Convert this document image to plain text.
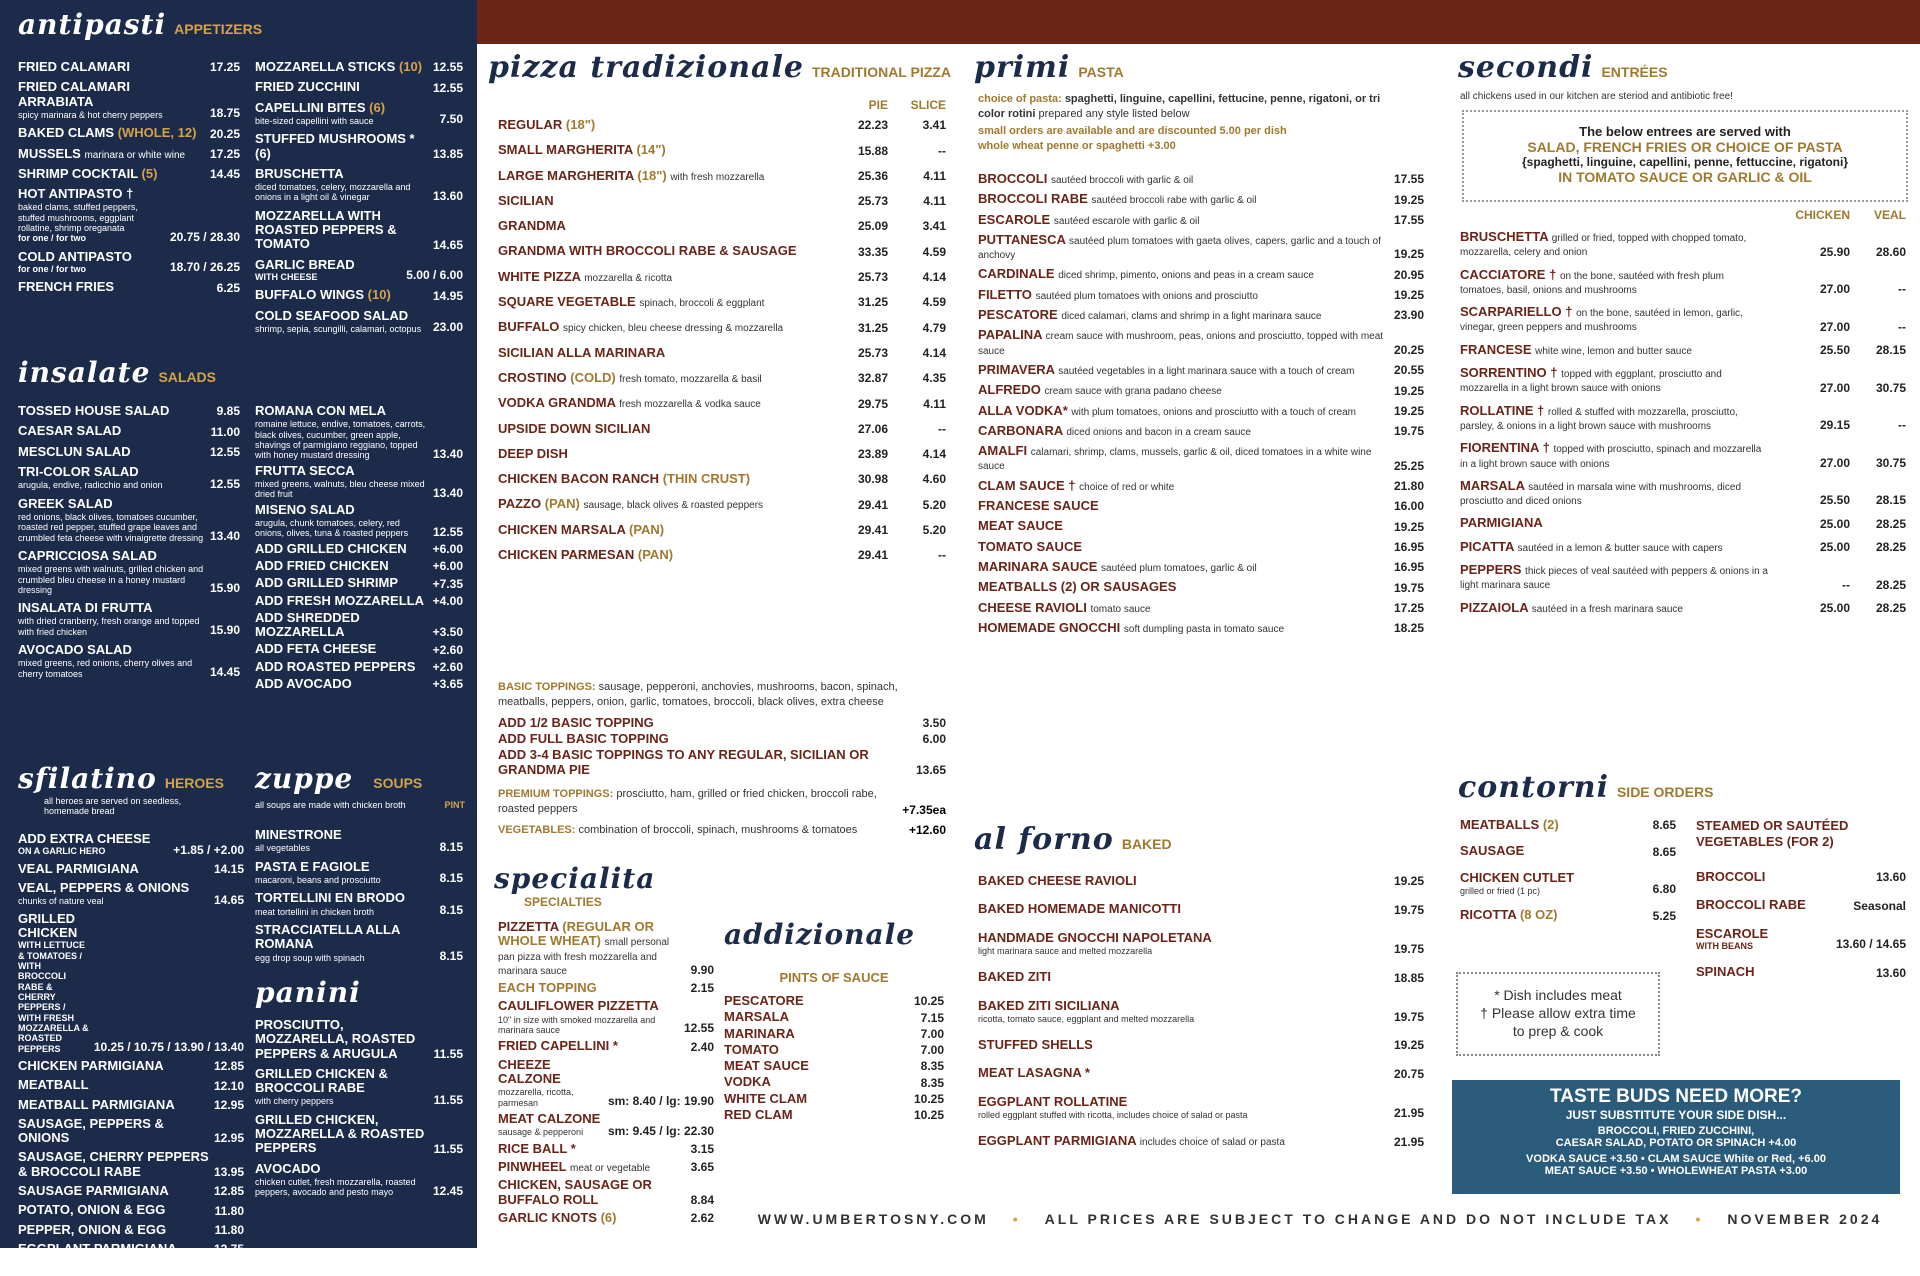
antipasti APPETIZERS
FRIED CALAMARI	17.25
FRIED CALAMARI ARRABIATA
spicy marinara & hot cherry peppers	18.75
BAKED CLAMS (WHOLE, 12)	20.25
MUSSELS marinara or white wine	17.25
SHRIMP COCKTAIL (5)	14.45
HOT ANTIPASTO †
baked clams, stuffed peppers, stuffed mushrooms, eggplant rollatine, shrimp oreganata
for one / for two	20.75 / 28.30
COLD ANTIPASTO
for one / for two	18.70 / 26.25
FRENCH FRIES	6.25
MOZZARELLA STICKS (10) 12.55
FRIED ZUCCHINI	12.55
CAPELLINI BITES (6)
bite-sized capellini with sauce	7.50
STUFFED MUSHROOMS * (6)	13.85
BRUSCHETTA
diced tomatoes, celery, mozzarella and onions in a light oil & vinegar	13.60
MOZZARELLA WITH ROASTED PEPPERS & TOMATO	14.65
GARLIC BREAD
WITH CHEESE	5.00 / 6.00
BUFFALO WINGS (10)	14.95
COLD SEAFOOD SALAD
shrimp, sepia, scungilli, calamari, octopus 23.00
insalate SALADS
TOSSED HOUSE SALAD	9.85
CAESAR SALAD	11.00
MESCLUN SALAD	12.55
TRI-COLOR SALAD
arugula, endive, radicchio and onion	12.55
GREEK SALAD
red onions, black olives, tomatoes cucumber, roasted red pepper, stuffed grape leaves and crumbled feta cheese with vinaigrette dressing 13.40
CAPRICCIOSA SALAD
mixed greens with walnuts, grilled chicken and crumbled bleu cheese in a honey mustard dressing	15.90
INSALATA DI FRUTTA
with dried cranberry, fresh orange and topped with fried chicken	15.90
AVOCADO SALAD
mixed greens, red onions, cherry olives and cherry tomatoes	14.45
ROMANA CON MELA
romaine lettuce, endive, tomatoes, carrots, black olives, cucumber, green apple, shavings of parmigiano reggiano, topped with honey mustard dressing	13.40
FRUTTA SECCA
mixed greens, walnuts, bleu cheese mixed dried fruit	13.40
MISENO SALAD
arugula, chunk tomatoes, celery, red onions, olives, tuna & roasted peppers	12.55
ADD GRILLED CHICKEN	+6.00
ADD FRIED CHICKEN	+6.00
ADD GRILLED SHRIMP	+7.35
ADD FRESH MOZZARELLA +4.00
ADD SHREDDED MOZZARELLA	+3.50
ADD FETA CHEESE	+2.60
ADD ROASTED PEPPERS	+2.60
ADD AVOCADO	+3.65
sfilatino HEROES
all heroes are served on seedless, homemade bread
ADD EXTRA CHEESE
ON A GARLIC HERO	+1.85 / +2.00
VEAL PARMIGIANA	14.15
VEAL, PEPPERS & ONIONS
chunks of nature veal	14.65
GRILLED CHICKEN
WITH LETTUCE & TOMATOES / WITH BROCCOLI RABE & CHERRY PEPPERS / WITH FRESH MOZZARELLA & ROASTED PEPPERS	10.25 / 10.75 / 13.90 / 13.40
CHICKEN PARMIGIANA	12.85
MEATBALL	12.10
MEATBALL PARMIGIANA	12.95
SAUSAGE, PEPPERS & ONIONS	12.95
SAUSAGE, CHERRY PEPPERS & BROCCOLI RABE	13.95
SAUSAGE PARMIGIANA	12.85
POTATO, ONION & EGG	11.80
PEPPER, ONION & EGG	11.80
EGGPLANT PARMIGIANA	12.75
SHRIMP PARMIGIANA	13.95
zuppe SOUPS
all soups are made with chicken broth	PINT
MINESTRONE
all vegetables	8.15
PASTA E FAGIOLE
macaroni, beans and prosciutto	8.15
TORTELLINI EN BRODO
meat tortellini in chicken broth	8.15
STRACCIATELLA ALLA ROMANA
egg drop soup with spinach	8.15
panini
PROSCIUTTO, MOZZARELLA, ROASTED PEPPERS & ARUGULA	11.55
GRILLED CHICKEN & BROCCOLI RABE
with cherry peppers	11.55
GRILLED CHICKEN, MOZZARELLA & ROASTED PEPPERS	11.55
AVOCADO
chicken cutlet, fresh mozzarella, roasted peppers, avocado and pesto mayo	12.45
pizza tradizionale TRADITIONAL PIZZA
PIE	SLICE
REGULAR (18")	22.23	3.41
SMALL MARGHERITA (14")	15.88	--
LARGE MARGHERITA (18") with fresh mozzarella	25.36	4.11
SICILIAN	25.73	4.11
GRANDMA	25.09	3.41
GRANDMA WITH BROCCOLI RABE & SAUSAGE	33.35	4.59
WHITE PIZZA mozzarella & ricotta	25.73	4.14
SQUARE VEGETABLE spinach, broccoli & eggplant	31.25	4.59
BUFFALO spicy chicken, bleu cheese dressing & mozzarella	31.25	4.79
SICILIAN ALLA MARINARA	25.73	4.14
CROSTINO (COLD) fresh tomato, mozzarella & basil	32.87	4.35
VODKA GRANDMA fresh mozzarella & vodka sauce	29.75	4.11
UPSIDE DOWN SICILIAN	27.06	--
DEEP DISH	23.89	4.14
CHICKEN BACON RANCH (THIN CRUST)	30.98	4.60
PAZZO (PAN) sausage, black olives & roasted peppers	29.41	5.20
CHICKEN MARSALA (PAN)	29.41	5.20
CHICKEN PARMESAN (PAN)	29.41	--
BASIC TOPPINGS: sausage, pepperoni, anchovies, mushrooms, bacon, spinach, meatballs, peppers, onion, garlic, tomatoes, broccoli, black olives, extra cheese
ADD 1/2 BASIC TOPPING	3.50
ADD FULL BASIC TOPPING	6.00
ADD 3-4 BASIC TOPPINGS TO ANY REGULAR, SICILIAN OR GRANDMA PIE	13.65
PREMIUM TOPPINGS: prosciutto, ham, grilled or fried chicken, broccoli rabe, roasted peppers	+7.35ea
VEGETABLES: combination of broccoli, spinach, mushrooms & tomatoes	+12.60
specialita
SPECIALTIES
PIZZETTA (REGULAR OR WHOLE WHEAT) small personal pan pizza with fresh mozzarella and marinara sauce	9.90
EACH TOPPING	2.15
CAULIFLOWER PIZZETTA
10" in size with smoked mozzarella and marinara sauce	12.55
FRIED CAPELLINI *	2.40
CHEEZE CALZONE
mozzarella, ricotta, parmesan	sm: 8.40 / lg: 19.90
MEAT CALZONE
sausage & pepperoni	sm: 9.45 / lg: 22.30
RICE BALL *	3.15
PINWHEEL meat or vegetable	3.65
CHICKEN, SAUSAGE OR BUFFALO ROLL	8.84
GARLIC KNOTS (6)	2.62
addizionale
PINTS OF SAUCE
PESCATORE	10.25
MARSALA	7.15
MARINARA	7.00
TOMATO	7.00
MEAT SAUCE	8.35
VODKA	8.35
WHITE CLAM	10.25
RED CLAM	10.25
primi PASTA
choice of pasta: spaghetti, linguine, capellini, fettucine, penne, rigatoni, or tri color rotini prepared any style listed below
small orders are available and are discounted 5.00 per dish
whole wheat penne or spaghetti +3.00
BROCCOLI sautéed broccoli with garlic & oil	17.55
BROCCOLI RABE sautéed broccoli rabe with garlic & oil	19.25
ESCAROLE sautéed escarole with garlic & oil	17.55
PUTTANESCA sautéed plum tomatoes with gaeta olives, capers, garlic and a touch of anchovy	19.25
CARDINALE diced shrimp, pimento, onions and peas in a cream sauce	20.95
FILETTO sautéed plum tomatoes with onions and prosciutto	19.25
PESCATORE diced calamari, clams and shrimp in a light marinara sauce	23.90
PAPALINA cream sauce with mushroom, peas, onions and prosciutto, topped with meat sauce	20.25
PRIMAVERA sautéed vegetables in a light marinara sauce with a touch of cream	20.55
ALFREDO cream sauce with grana padano cheese	19.25
ALLA VODKA* with plum tomatoes, onions and prosciutto with a touch of cream	19.25
CARBONARA diced onions and bacon in a cream sauce	19.75
AMALFI calamari, shrimp, clams, mussels, garlic & oil, diced tomatoes in a white wine sauce	25.25
CLAM SAUCE † choice of red or white	21.80
FRANCESE SAUCE	16.00
MEAT SAUCE	19.25
TOMATO SAUCE	16.95
MARINARA SAUCE sautéed plum tomatoes, garlic & oil	16.95
MEATBALLS (2) OR SAUSAGES	19.75
CHEESE RAVIOLI tomato sauce	17.25
HOMEMADE GNOCCHI soft dumpling pasta in tomato sauce	18.25
al forno BAKED
BAKED CHEESE RAVIOLI	19.25
BAKED HOMEMADE MANICOTTI	19.75
HANDMADE GNOCCHI NAPOLETANA
light marinara sauce and melted mozzarella	19.75
BAKED ZITI	18.85
BAKED ZITI SICILIANA
ricotta, tomato sauce, eggplant and melted mozzarella	19.75
STUFFED SHELLS	19.25
MEAT LASAGNA *	20.75
EGGPLANT ROLLATINE
rolled eggplant stuffed with ricotta, includes choice of salad or pasta	21.95
EGGPLANT PARMIGIANA includes choice of salad or pasta	21.95
secondi ENTRÉES
all chickens used in our kitchen are steriod and antibiotic free!
The below entrees are served with
SALAD, FRENCH FRIES OR CHOICE OF PASTA
{spaghetti, linguine, capellini, penne, fettuccine, rigatoni}
IN TOMATO SAUCE OR GARLIC & OIL
CHICKEN	VEAL
BRUSCHETTA grilled or fried, topped with chopped tomato, mozzarella, celery and onion	25.90	28.60
CACCIATORE † on the bone, sautéed with fresh plum tomatoes, basil, onions and mushrooms	27.00	--
SCARPARIELLO † on the bone, sautéed in lemon, garlic, vinegar, green peppers and mushrooms	27.00	--
FRANCESE white wine, lemon and butter sauce	25.50	28.15
SORRENTINO † topped with eggplant, prosciutto and mozzarella in a light brown sauce with onions	27.00	30.75
ROLLATINE † rolled & stuffed with mozzarella, prosciutto, parsley, & onions in a light brown sauce with mushrooms	29.15	--
FIORENTINA † topped with prosciutto, spinach and mozzarella in a light brown sauce with onions	27.00	30.75
MARSALA sautéed in marsala wine with mushrooms, diced prosciutto and diced onions	25.50	28.15
PARMIGIANA	25.00	28.25
PICATTA sautéed in a lemon & butter sauce with capers	25.00	28.25
PEPPERS thick pieces of veal sautéed with peppers & onions in a light marinara sauce	--	28.25
PIZZAIOLA sautéed in a fresh marinara sauce	25.00	28.25
contorni SIDE ORDERS
MEATBALLS (2)	8.65
SAUSAGE	8.65
CHICKEN CUTLET
grilled or fried (1 pc)	6.80
RICOTTA (8 OZ)	5.25
STEAMED OR SAUTÉED VEGETABLES (FOR 2)
BROCCOLI	13.60
BROCCOLI RABE	Seasonal
ESCAROLE
WITH BEANS	13.60 / 14.65
SPINACH	13.60
* Dish includes meat
† Please allow extra time
to prep & cook
TASTE BUDS NEED MORE?
JUST SUBSTITUTE YOUR SIDE DISH...
BROCCOLI, FRIED ZUCCHINI,
CAESAR SALAD, POTATO OR SPINACH +4.00
VODKA SAUCE +3.50 • CLAM SAUCE White or Red, +6.00
MEAT SAUCE +3.50 • WHOLEWHEAT PASTA +3.00
WWW.UMBERTOSNY.COM • ALL PRICES ARE SUBJECT TO CHANGE AND DO NOT INCLUDE TAX • NOVEMBER 2024
